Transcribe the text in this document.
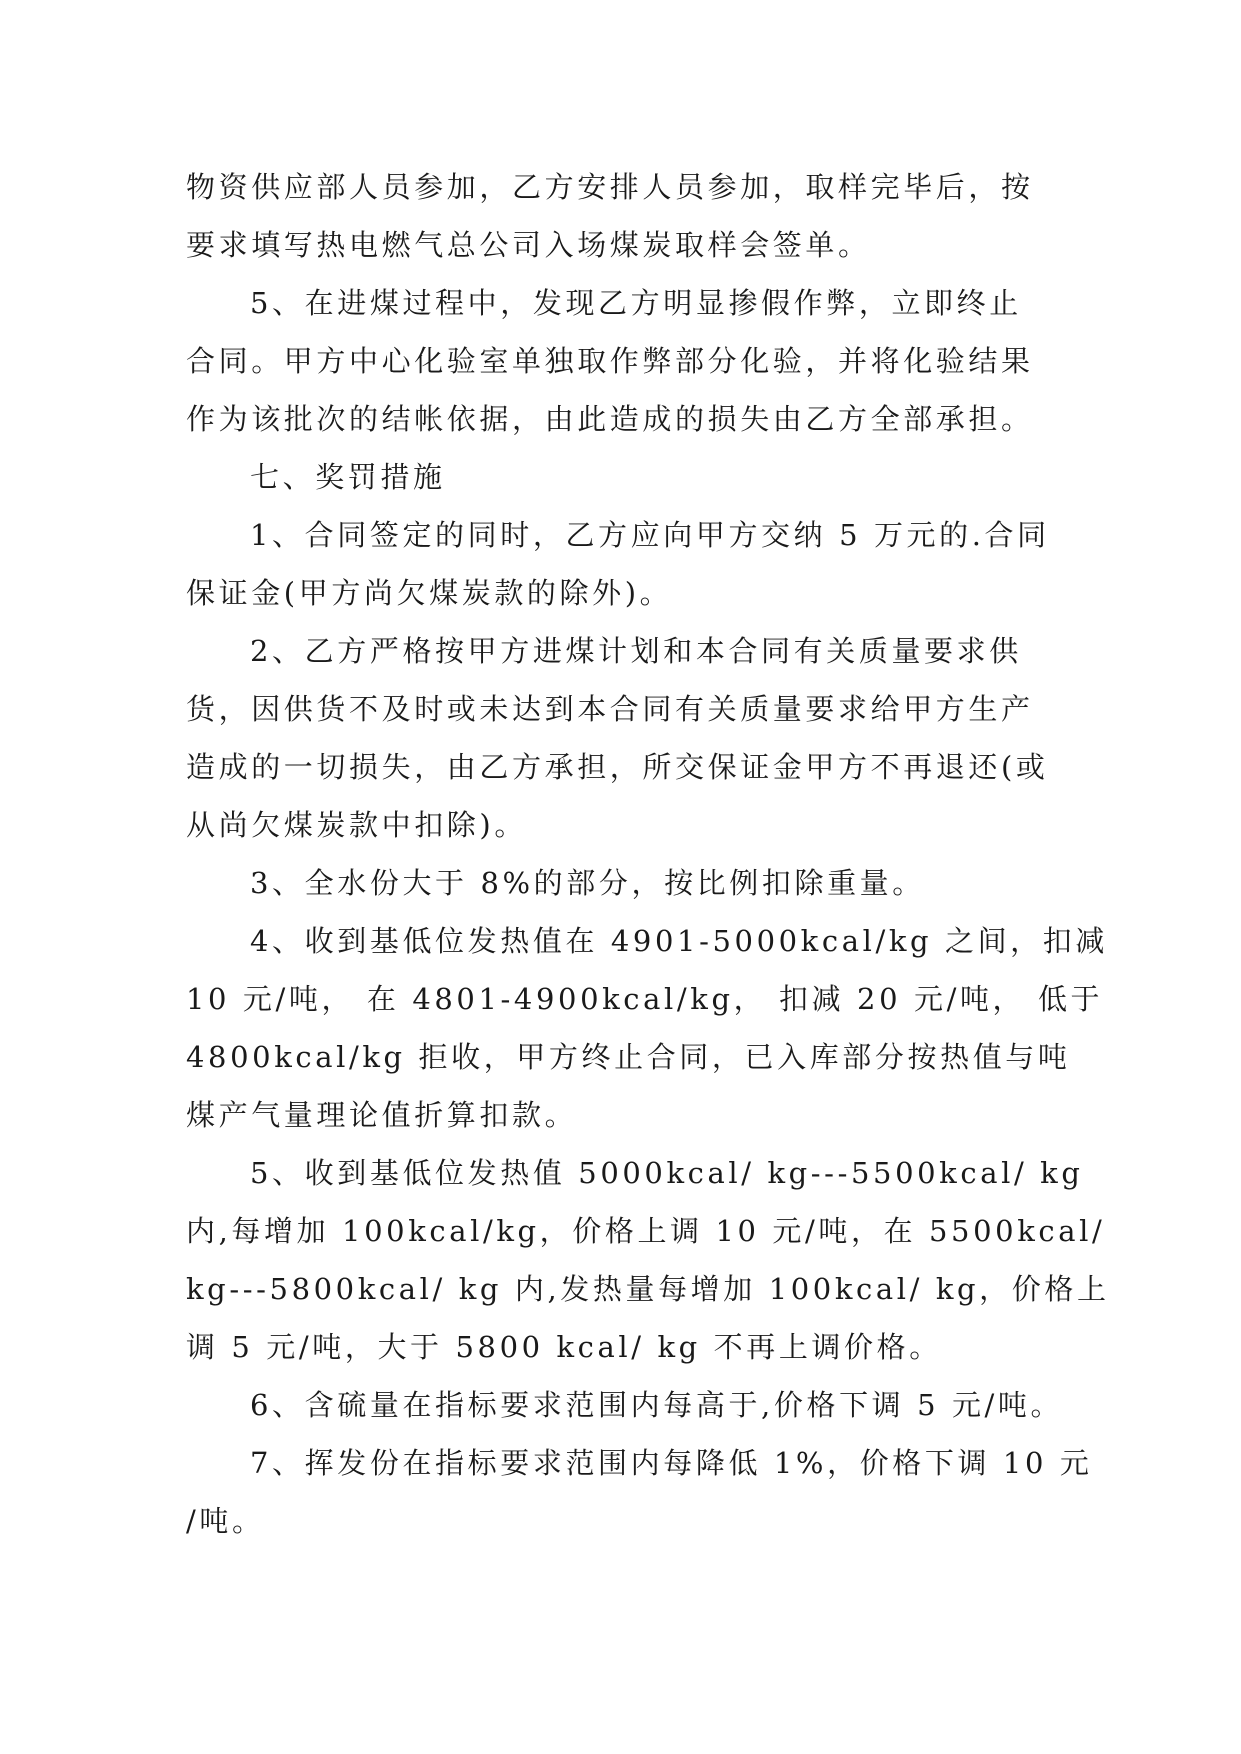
物资供应部人员参加，乙方安排人员参加，取样完毕后，按
要求填写热电燃气总公司入场煤炭取样会签单。
5、在进煤过程中，发现乙方明显掺假作弊，立即终止
合同。甲方中心化验室单独取作弊部分化验，并将化验结果
作为该批次的结帐依据，由此造成的损失由乙方全部承担。
七、奖罚措施
1、合同签定的同时，乙方应向甲方交纳 5 万元的.合同
保证金(甲方尚欠煤炭款的除外)。
2、乙方严格按甲方进煤计划和本合同有关质量要求供
货，因供货不及时或未达到本合同有关质量要求给甲方生产
造成的一切损失，由乙方承担，所交保证金甲方不再退还(或
从尚欠煤炭款中扣除)。
3、全水份大于 8%的部分，按比例扣除重量。
4、收到基低位发热值在 4901-5000kcal/kg 之间，扣减
10 元/吨， 在 4801-4900kcal/kg， 扣减 20 元/吨， 低于
4800kcal/kg 拒收，甲方终止合同，已入库部分按热值与吨
煤产气量理论值折算扣款。
5、收到基低位发热值 5000kcal/ kg---5500kcal/ kg
内,每增加 100kcal/kg，价格上调 10 元/吨，在 5500kcal/
kg---5800kcal/ kg 内,发热量每增加 100kcal/ kg，价格上
调 5 元/吨，大于 5800 kcal/ kg 不再上调价格。
6、含硫量在指标要求范围内每高于,价格下调 5 元/吨。
7、挥发份在指标要求范围内每降低 1%，价格下调 10 元
/吨。
